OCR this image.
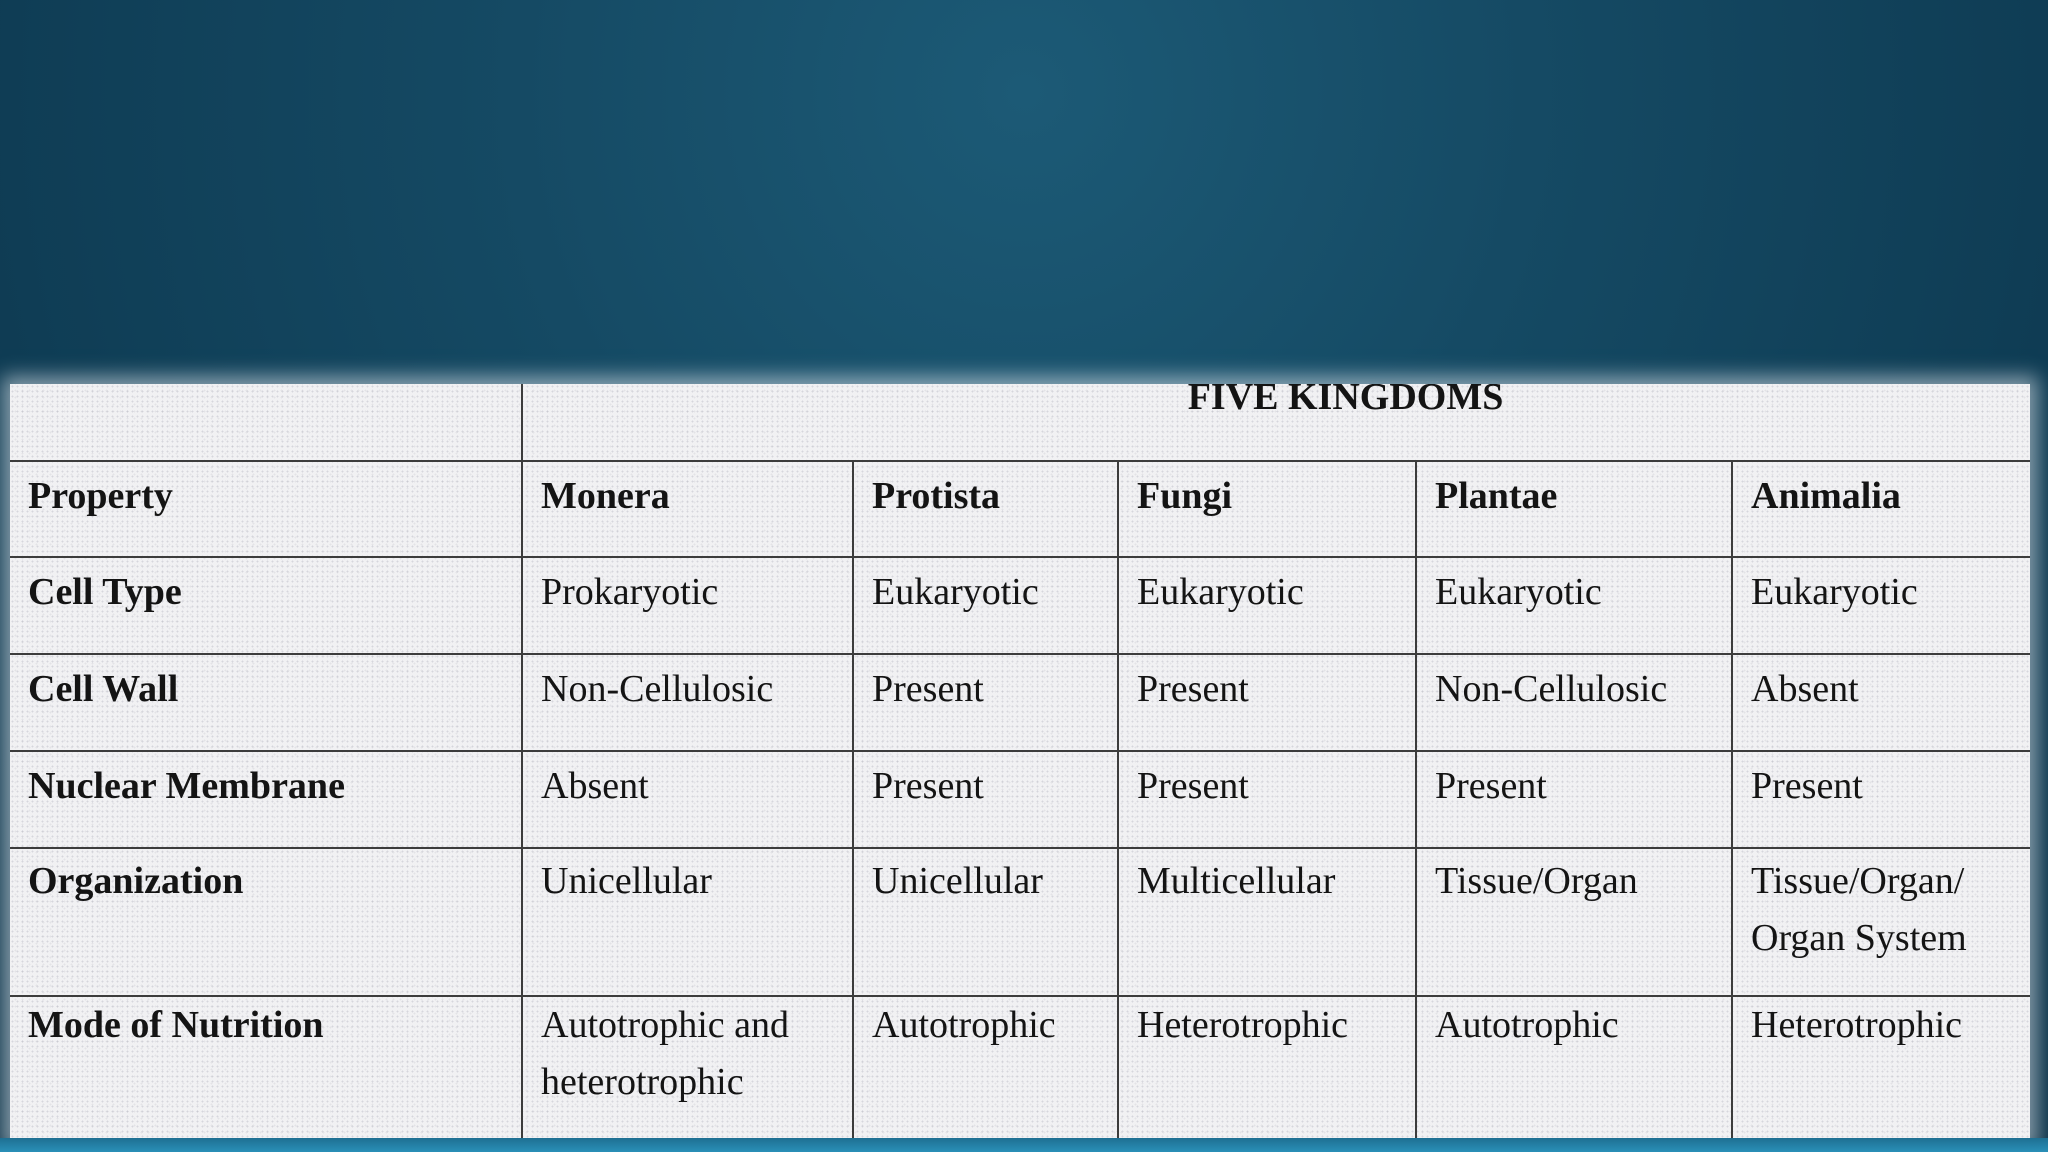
	FIVE KINGDOMS				
Property	Monera	Protista	Fungi	Plantae	Animalia
Cell Type	Prokaryotic	Eukaryotic	Eukaryotic	Eukaryotic	Eukaryotic
Cell Wall	Non-Cellulosic	Present	Present	Non-Cellulosic	Absent
Nuclear Membrane	Absent	Present	Present	Present	Present
Organization	Unicellular	Unicellular	Multicellular	Tissue/Organ	Tissue/Organ/ Organ System
Mode of Nutrition	Autotrophic and heterotrophic	Autotrophic	Heterotrophic	Autotrophic	Heterotrophic
